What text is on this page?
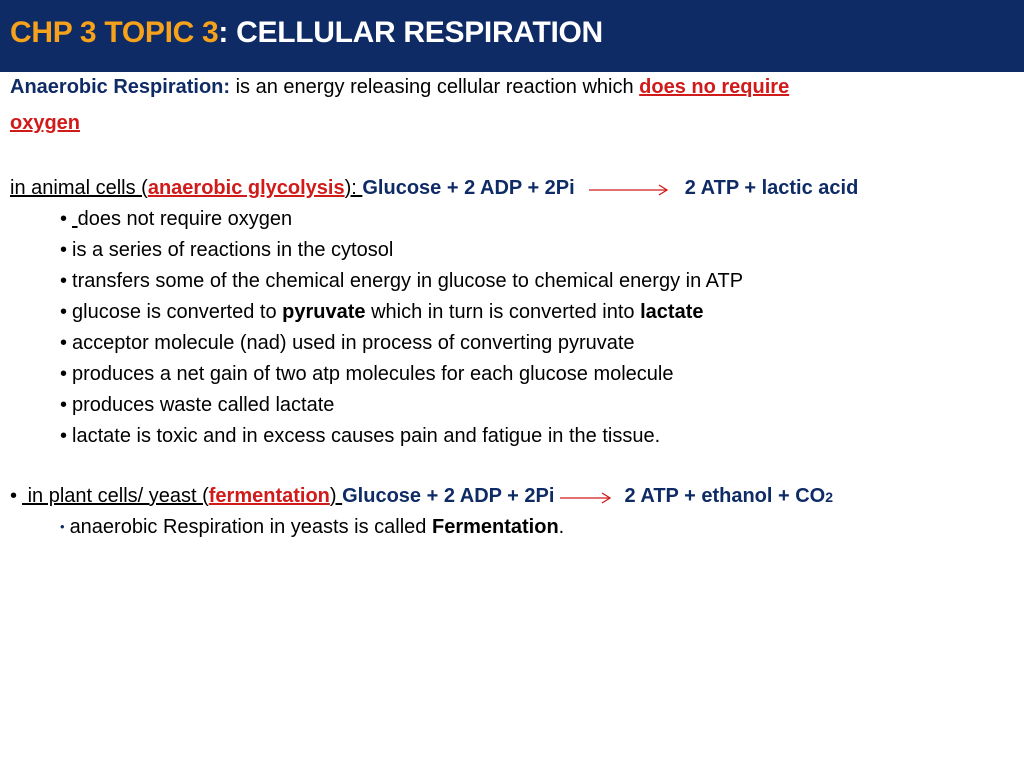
CHP 3 TOPIC 3: CELLULAR RESPIRATION
Anaerobic Respiration: is an energy releasing cellular reaction which does no require
oxygen
in animal cells (anaerobic glycolysis): Glucose + 2 ADP + 2Pi	2 ATP + lactic acid
• does not require oxygen
• is a series of reactions in the cytosol
• transfers some of the chemical energy in glucose to chemical energy in ATP
• glucose is converted to pyruvate which in turn is converted into lactate
• acceptor molecule (nad) used in process of converting pyruvate
• produces a net gain of two atp molecules for each glucose molecule
• produces waste called lactate
• lactate is toxic and in excess causes pain and fatigue in the tissue.
• in plant cells/ yeast (fermentation) Glucose + 2 ADP + 2Pi→2 ATP + ethanol + CO2
• anaerobic Respiration in yeasts is called Fermentation.
